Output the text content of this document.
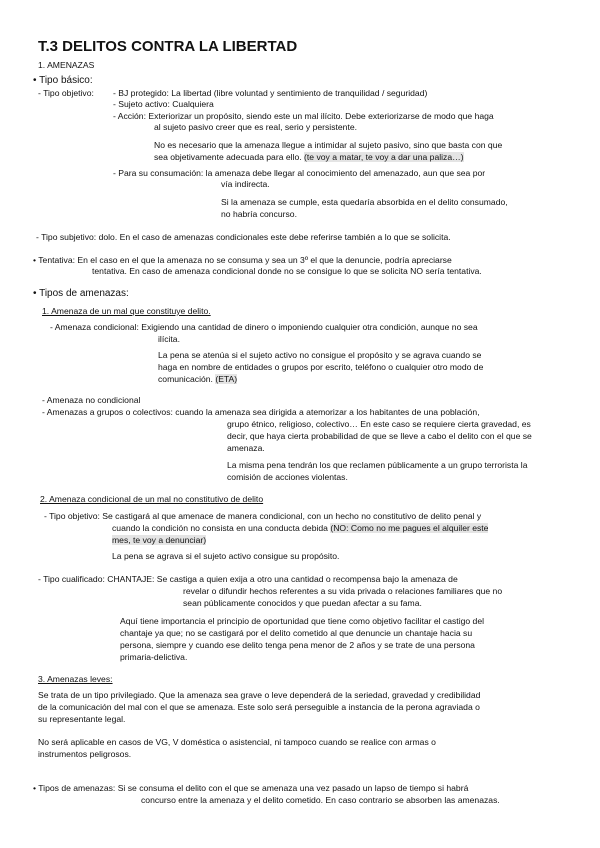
T.3 DELITOS CONTRA LA LIBERTAD
1. AMENAZAS
• Tipo básico:
- Tipo objetivo: - BJ protegido: La libertad (libre voluntad y sentimiento de tranquilidad / seguridad)
- Sujeto activo: Cualquiera
- Acción: Exteriorizar un propósito, siendo este un mal ilícito. Debe exteriorizarse de modo que haga
al sujeto pasivo creer que es real, serio y persistente.
No es necesario que la amenaza llegue a intimidar al sujeto pasivo, sino que basta con que
sea objetivamente adecuada para ello. (te voy a matar, te voy a dar una paliza…)
- Para su consumación: la amenaza debe llegar al conocimiento del amenazado, aun que sea por
vía indirecta.
Si la amenaza se cumple, esta quedaría absorbida en el delito consumado,
no habría concurso.
- Tipo subjetivo: dolo. En el caso de amenazas condicionales este debe referirse también a lo que se solicita.
• Tentativa: En el caso en el que la amenaza no se consuma y sea un 3º el que la denuncie, podría apreciarse
tentativa. En caso de amenaza condicional donde no se consigue lo que se solicita NO sería tentativa.
• Tipos de amenazas:
1. Amenaza de un mal que constituye delito.
- Amenaza condicional: Exigiendo una cantidad de dinero o imponiendo cualquier otra condición, aunque no sea
ilícita.
La pena se atenúa si el sujeto activo no consigue el propósito y se agrava cuando se
haga en nombre de entidades o grupos por escrito, teléfono o cualquier otro modo de
comunicación. (ETA)
- Amenaza no condicional
- Amenazas a grupos o colectivos: cuando la amenaza sea dirigida a atemorizar a los habitantes de una población,
grupo étnico, religioso, colectivo… En este caso se requiere cierta gravedad, es
decir, que haya cierta probabilidad de que se lleve a cabo el delito con el que se
amenaza.
La misma pena tendrán los que reclamen públicamente a un grupo terrorista la
comisión de acciones violentas.
2. Amenaza condicional de un mal no constitutivo de delito
- Tipo objetivo: Se castigará al que amenace de manera condicional, con un hecho no constitutivo de delito penal y
cuando la condición no consista en una conducta debida (NO: Como no me pagues el alquiler este
mes, te voy a denunciar)
La pena se agrava si el sujeto activo consigue su propósito.
- Tipo cualificado: CHANTAJE: Se castiga a quien exija a otro una cantidad o recompensa bajo la amenaza de
revelar o difundir hechos referentes a su vida privada o relaciones familiares que no
sean públicamente conocidos y que puedan afectar a su fama.
Aquí tiene importancia el principio de oportunidad que tiene como objetivo facilitar el castigo del
chantaje ya que; no se castigará por el delito cometido al que denuncie un chantaje hacia su
persona, siempre y cuando ese delito tenga pena menor de 2 años y se trate de una persona
primaria-delictiva.
3. Amenazas leves:
Se trata de un tipo privilegiado. Que la amenaza sea grave o leve dependerá de la seriedad, gravedad y credibilidad
de la comunicación del mal con el que se amenaza. Este solo será perseguible a instancia de la perona agraviada o
su representante legal.
No será aplicable en casos de VG, V doméstica o asistencial, ni tampoco cuando se realice con armas o
instrumentos peligrosos.
• Tipos de amenazas: Si se consuma el delito con el que se amenaza una vez pasado un lapso de tiempo si habrá
concurso entre la amenaza y el delito cometido. En caso contrario se absorben las amenazas.
